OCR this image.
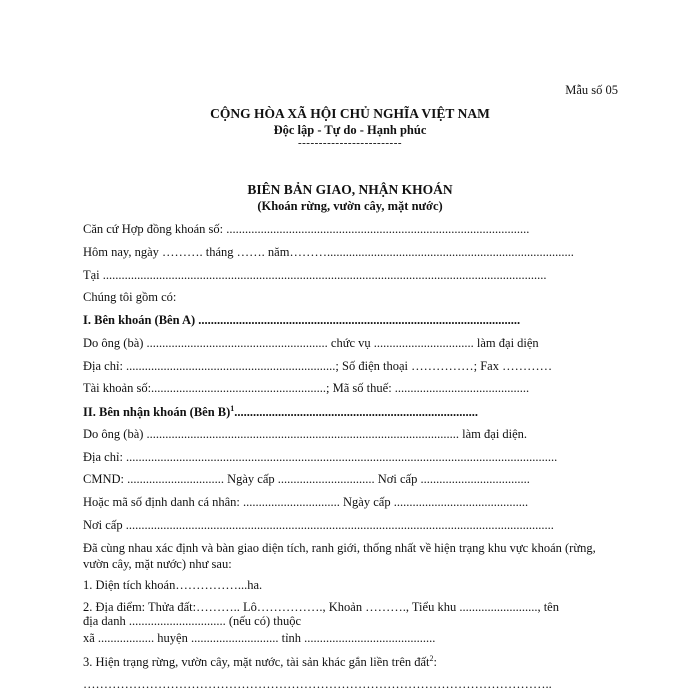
Mẫu số 05
CỘNG HÒA XÃ HỘI CHỦ NGHĨA VIỆT NAM
Độc lập - Tự do - Hạnh phúc
-------------------------
BIÊN BẢN GIAO, NHẬN KHOÁN
(Khoán rừng, vườn cây, mặt nước)
Căn cứ Hợp đồng khoán số: .................................................................................................
Hôm nay, ngày ………. tháng ……. năm………...............................................................................
Tại ..............................................................................................................................................
Chúng tôi gồm có:
I. Bên khoán (Bên A) .......................................................................................................
Do ông (bà) .......................................................... chức vụ ................................ làm đại diện
Địa chỉ: ...................................................................; Số điện thoại ……………; Fax …………
Tài khoản số:........................................................; Mã số thuế: ...........................................
II. Bên nhận khoán (Bên B)$^1$..............................................................................
Do ông (bà) .................................................................................................... làm đại diện.
Địa chỉ: ..........................................................................................................................................
CMND: ............................... Ngày cấp ............................... Nơi cấp ...................................
Hoặc mã số định danh cá nhân: ............................... Ngày cấp ...........................................
Nơi cấp .........................................................................................................................................
Đã cùng nhau xác định và bàn giao diện tích, ranh giới, thống nhất về hiện trạng khu vực khoán (rừng, vườn cây, mặt nước) như sau:
1. Diện tích khoán……………...ha.
2. Địa điểm: Thửa đất:……….. Lô……………., Khoản ………., Tiểu khu ........................., tên
địa danh ............................... (nếu có) thuộc
xã .................. huyện ............................ tỉnh ..........................................
3. Hiện trạng rừng, vườn cây, mặt nước, tài sản khác gắn liền trên đất$^2$:
…………………………………………………………………………………………………..
